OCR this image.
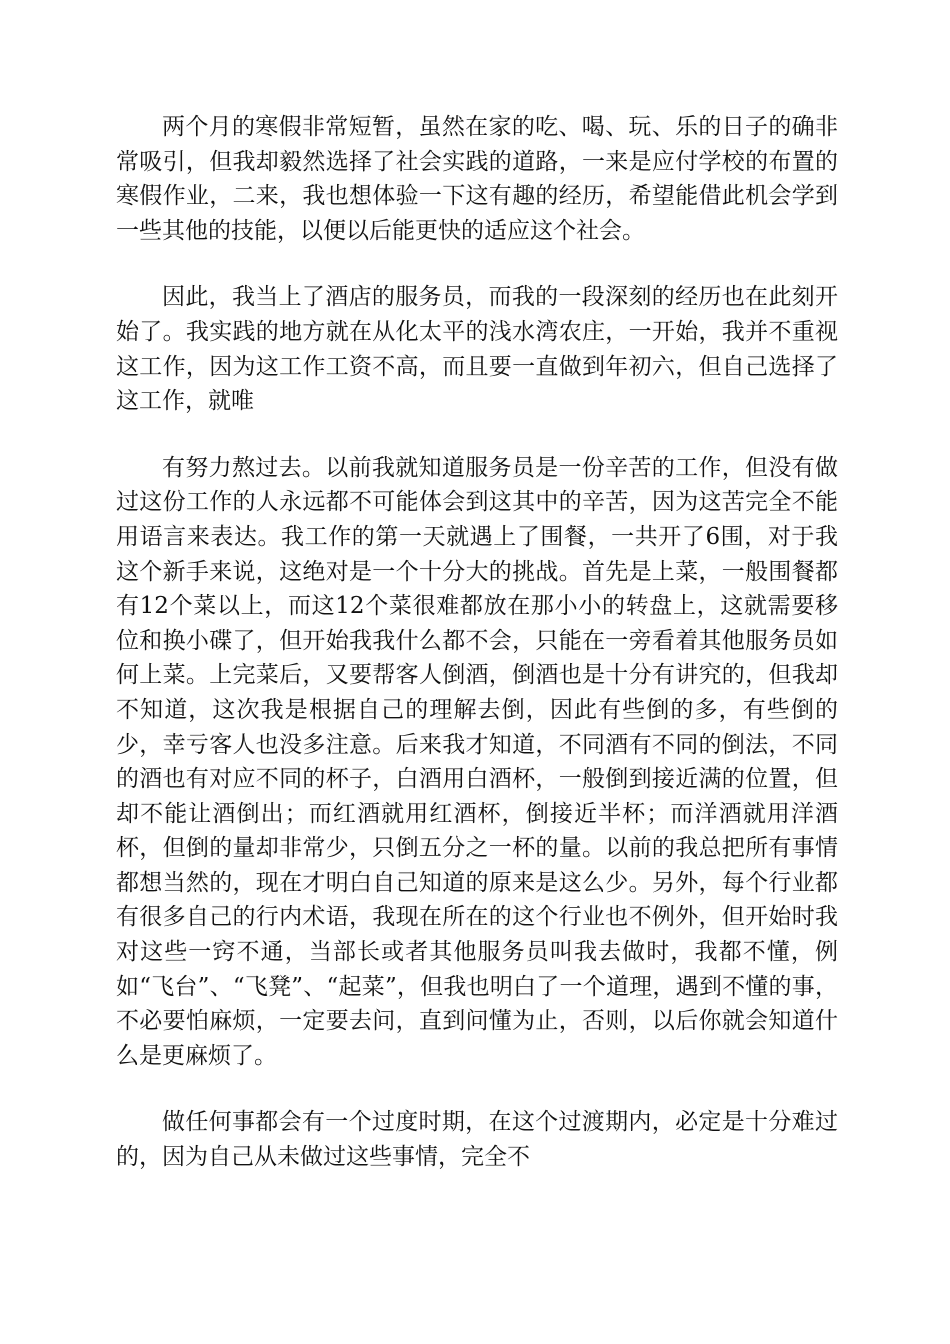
两个月的寒假非常短暂，虽然在家的吃、喝、玩、乐的日子的确非常吸引，但我却毅然选择了社会实践的道路，一来是应付学校的布置的寒假作业，二来，我也想体验一下这有趣的经历，希望能借此机会学到一些其他的技能，以便以后能更快的适应这个社会。

因此，我当上了酒店的服务员，而我的一段深刻的经历也在此刻开始了。我实践的地方就在从化太平的浅水湾农庄，一开始，我并不重视这工作，因为这工作工资不高，而且要一直做到年初六，但自己选择了这工作，就唯

有努力熬过去。以前我就知道服务员是一份辛苦的工作，但没有做过这份工作的人永远都不可能体会到这其中的辛苦，因为这苦完全不能用语言来表达。我工作的第一天就遇上了围餐，一共开了6围，对于我这个新手来说，这绝对是一个十分大的挑战。首先是上菜，一般围餐都有12个菜以上，而这12个菜很难都放在那小小的转盘上，这就需要移位和换小碟了，但开始我我什么都不会，只能在一旁看着其他服务员如何上菜。上完菜后，又要帮客人倒酒，倒酒也是十分有讲究的，但我却不知道，这次我是根据自己的理解去倒，因此有些倒的多，有些倒的少，幸亏客人也没多注意。后来我才知道，不同酒有不同的倒法，不同的酒也有对应不同的杯子，白酒用白酒杯，一般倒到接近满的位置，但却不能让酒倒出；而红酒就用红酒杯，倒接近半杯；而洋酒就用洋酒杯，但倒的量却非常少，只倒五分之一杯的量。以前的我总把所有事情都想当然的，现在才明白自己知道的原来是这么少。另外，每个行业都有很多自己的行内术语，我现在所在的这个行业也不例外，但开始时我对这些一窍不通，当部长或者其他服务员叫我去做时，我都不懂，例如“飞台”、“飞凳”、“起菜”，但我也明白了一个道理，遇到不懂的事，不必要怕麻烦，一定要去问，直到问懂为止，否则，以后你就会知道什么是更麻烦了。

做任何事都会有一个过度时期，在这个过渡期内，必定是十分难过的，因为自己从未做过这些事情，完全不
